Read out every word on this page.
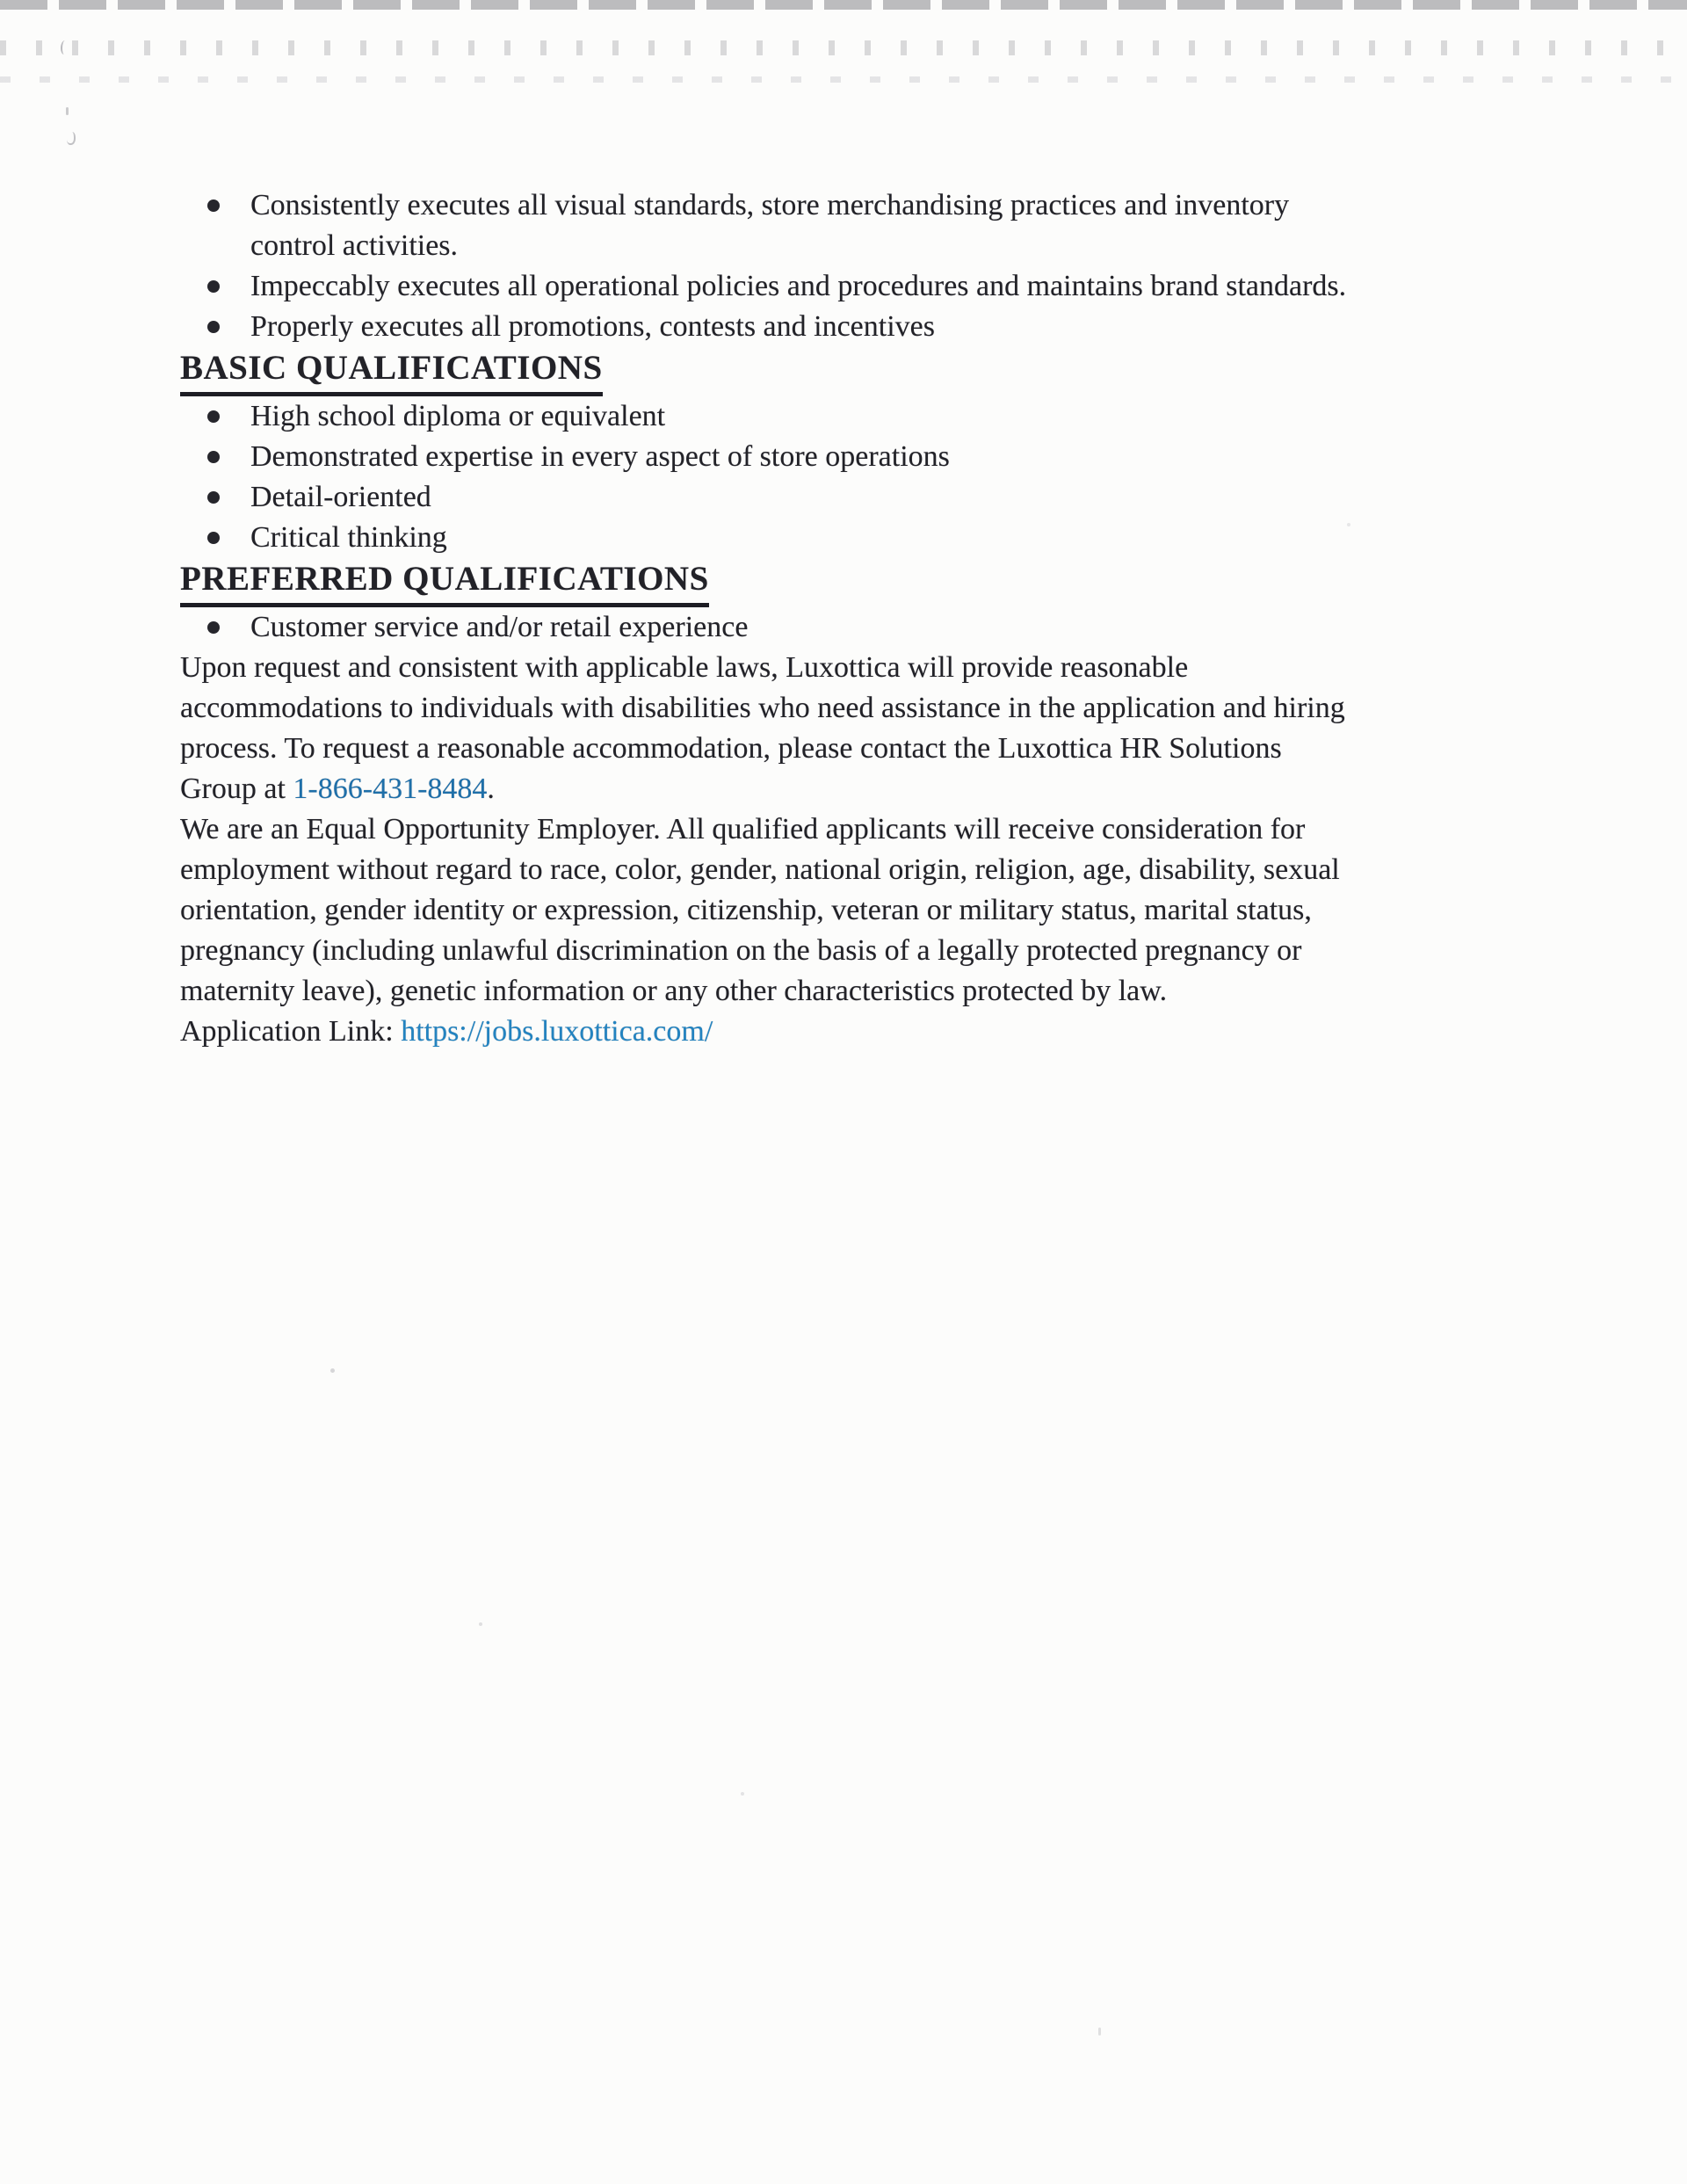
Consistently executes all visual standards, store merchandising practices and inventory
control activities.
Impeccably executes all operational policies and procedures and maintains brand standards.
Properly executes all promotions, contests and incentives
BASIC QUALIFICATIONS
High school diploma or equivalent
Demonstrated expertise in every aspect of store operations
Detail-oriented
Critical thinking
PREFERRED QUALIFICATIONS
Customer service and/or retail experience

Upon request and consistent with applicable laws, Luxottica will provide reasonable
accommodations to individuals with disabilities who need assistance in the application and hiring
process. To request a reasonable accommodation, please contact the Luxottica HR Solutions
Group at 1-866-431-8484.

We are an Equal Opportunity Employer. All qualified applicants will receive consideration for
employment without regard to race, color, gender, national origin, religion, age, disability, sexual
orientation, gender identity or expression, citizenship, veteran or military status, marital status,
pregnancy (including unlawful discrimination on the basis of a legally protected pregnancy or
maternity leave), genetic information or any other characteristics protected by law.

Application Link: https://jobs.luxottica.com/
